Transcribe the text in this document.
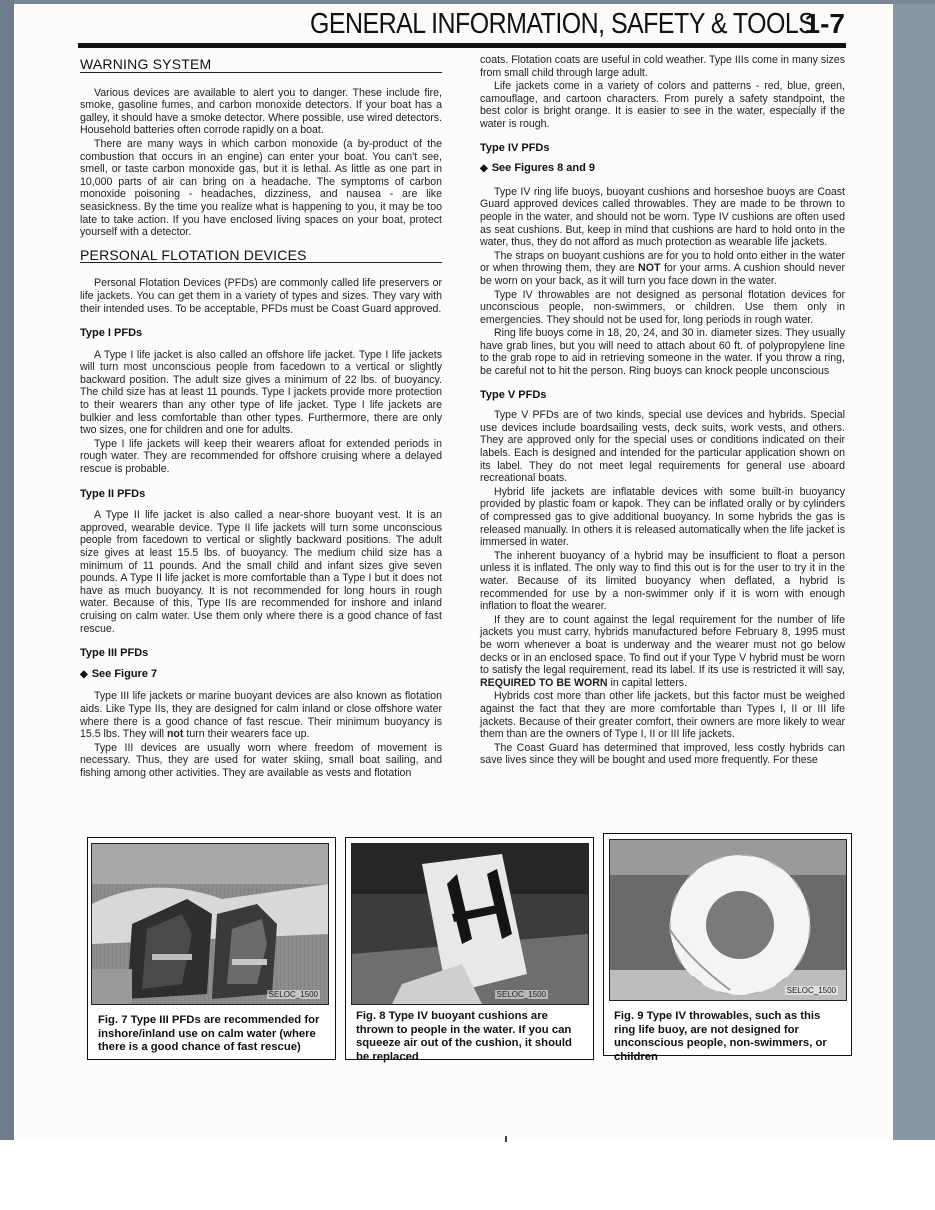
GENERAL INFORMATION, SAFETY & TOOLS
1-7
WARNING SYSTEM

Various devices are available to alert you to danger. These include fire, smoke, gasoline fumes, and carbon monoxide detectors. If your boat has a galley, it should have a smoke detector. Where possible, use wired detectors. Household batteries often corrode rapidly on a boat.

There are many ways in which carbon monoxide (a by-product of the combustion that occurs in an engine) can enter your boat. You can't see, smell, or taste carbon monoxide gas, but it is lethal. As little as one part in 10,000 parts of air can bring on a headache. The symptoms of carbon monoxide poisoning - headaches, dizziness, and nausea - are like seasickness. By the time you realize what is happening to you, it may be too late to take action. If you have enclosed living spaces on your boat, protect yourself with a detector.

PERSONAL FLOTATION DEVICES

Personal Flotation Devices (PFDs) are commonly called life preservers or life jackets. You can get them in a variety of types and sizes. They vary with their intended uses. To be acceptable, PFDs must be Coast Guard approved.

Type I PFDs

A Type I life jacket is also called an offshore life jacket. Type I life jackets will turn most unconscious people from facedown to a vertical or slightly backward position. The adult size gives a minimum of 22 lbs. of buoyancy. The child size has at least 11 pounds. Type I jackets provide more protection to their wearers than any other type of life jacket. Type I life jackets are bulkier and less comfortable than other types. Furthermore, there are only two sizes, one for children and one for adults.

Type I life jackets will keep their wearers afloat for extended periods in rough water. They are recommended for offshore cruising where a delayed rescue is probable.

Type II PFDs

A Type II life jacket is also called a near-shore buoyant vest. It is an approved, wearable device. Type II life jackets will turn some unconscious people from facedown to vertical or slightly backward positions. The adult size gives at least 15.5 lbs. of buoyancy. The medium child size has a minimum of 11 pounds. And the small child and infant sizes give seven pounds. A Type II life jacket is more comfortable than a Type I but it does not have as much buoyancy. It is not recommended for long hours in rough water. Because of this, Type IIs are recommended for inshore and inland cruising on calm water. Use them only where there is a good chance of fast rescue.

Type III PFDs
◆ See Figure 7

Type III life jackets or marine buoyant devices are also known as flotation aids. Like Type IIs, they are designed for calm inland or close offshore water where there is a good chance of fast rescue. Their minimum buoyancy is 15.5 lbs. They will not turn their wearers face up.

Type III devices are usually worn where freedom of movement is necessary. Thus, they are used for water skiing, small boat sailing, and fishing among other activities. They are available as vests and flotation

coats. Flotation coats are useful in cold weather. Type IIIs come in many sizes from small child through large adult.

Life jackets come in a variety of colors and patterns - red, blue, green, camouflage, and cartoon characters. From purely a safety standpoint, the best color is bright orange. It is easier to see in the water, especially if the water is rough.

Type IV PFDs
◆ See Figures 8 and 9

Type IV ring life buoys, buoyant cushions and horseshoe buoys are Coast Guard approved devices called throwables. They are made to be thrown to people in the water, and should not be worn. Type IV cushions are often used as seat cushions. But, keep in mind that cushions are hard to hold onto in the water, thus, they do not afford as much protection as wearable life jackets.

The straps on buoyant cushions are for you to hold onto either in the water or when throwing them, they are NOT for your arms. A cushion should never be worn on your back, as it will turn you face down in the water.

Type IV throwables are not designed as personal flotation devices for unconscious people, non-swimmers, or children. Use them only in emergencies. They should not be used for, long periods in rough water.

Ring life buoys come in 18, 20, 24, and 30 in. diameter sizes. They usually have grab lines, but you will need to attach about 60 ft. of polypropylene line to the grab rope to aid in retrieving someone in the water. If you throw a ring, be careful not to hit the person. Ring buoys can knock people unconscious

Type V PFDs

Type V PFDs are of two kinds, special use devices and hybrids. Special use devices include boardsailing vests, deck suits, work vests, and others. They are approved only for the special uses or conditions indicated on their labels. Each is designed and intended for the particular application shown on its label. They do not meet legal requirements for general use aboard recreational boats.

Hybrid life jackets are inflatable devices with some built-in buoyancy provided by plastic foam or kapok. They can be inflated orally or by cylinders of compressed gas to give additional buoyancy. In some hybrids the gas is released manually. In others it is released automatically when the life jacket is immersed in water.

The inherent buoyancy of a hybrid may be insufficient to float a person unless it is inflated. The only way to find this out is for the user to try it in the water. Because of its limited buoyancy when deflated, a hybrid is recommended for use by a non-swimmer only if it is worn with enough inflation to float the wearer.

If they are to count against the legal requirement for the number of life jackets you must carry, hybrids manufactured before February 8, 1995 must be worn whenever a boat is underway and the wearer must not go below decks or in an enclosed space. To find out if your Type V hybrid must be worn to satisfy the legal requirement, read its label. If its use is restricted it will say, REQUIRED TO BE WORN in capital letters.

Hybrids cost more than other life jackets, but this factor must be weighed against the fact that they are more comfortable than Types I, II or III life jackets. Because of their greater comfort, their owners are more likely to wear them than are the owners of Type I, II or III life jackets.

The Coast Guard has determined that improved, less costly hybrids can save lives since they will be bought and used more frequently. For these

SELOC_1500
Fig. 7 Type III PFDs are recommended for inshore/inland use on calm water (where there is a good chance of fast rescue)
SELOC_1500
Fig. 8 Type IV buoyant cushions are thrown to people in the water. If you can squeeze air out of the cushion, it should be replaced
SELOC_1500
Fig. 9 Type IV throwables, such as this ring life buoy, are not designed for unconscious people, non-swimmers, or children
